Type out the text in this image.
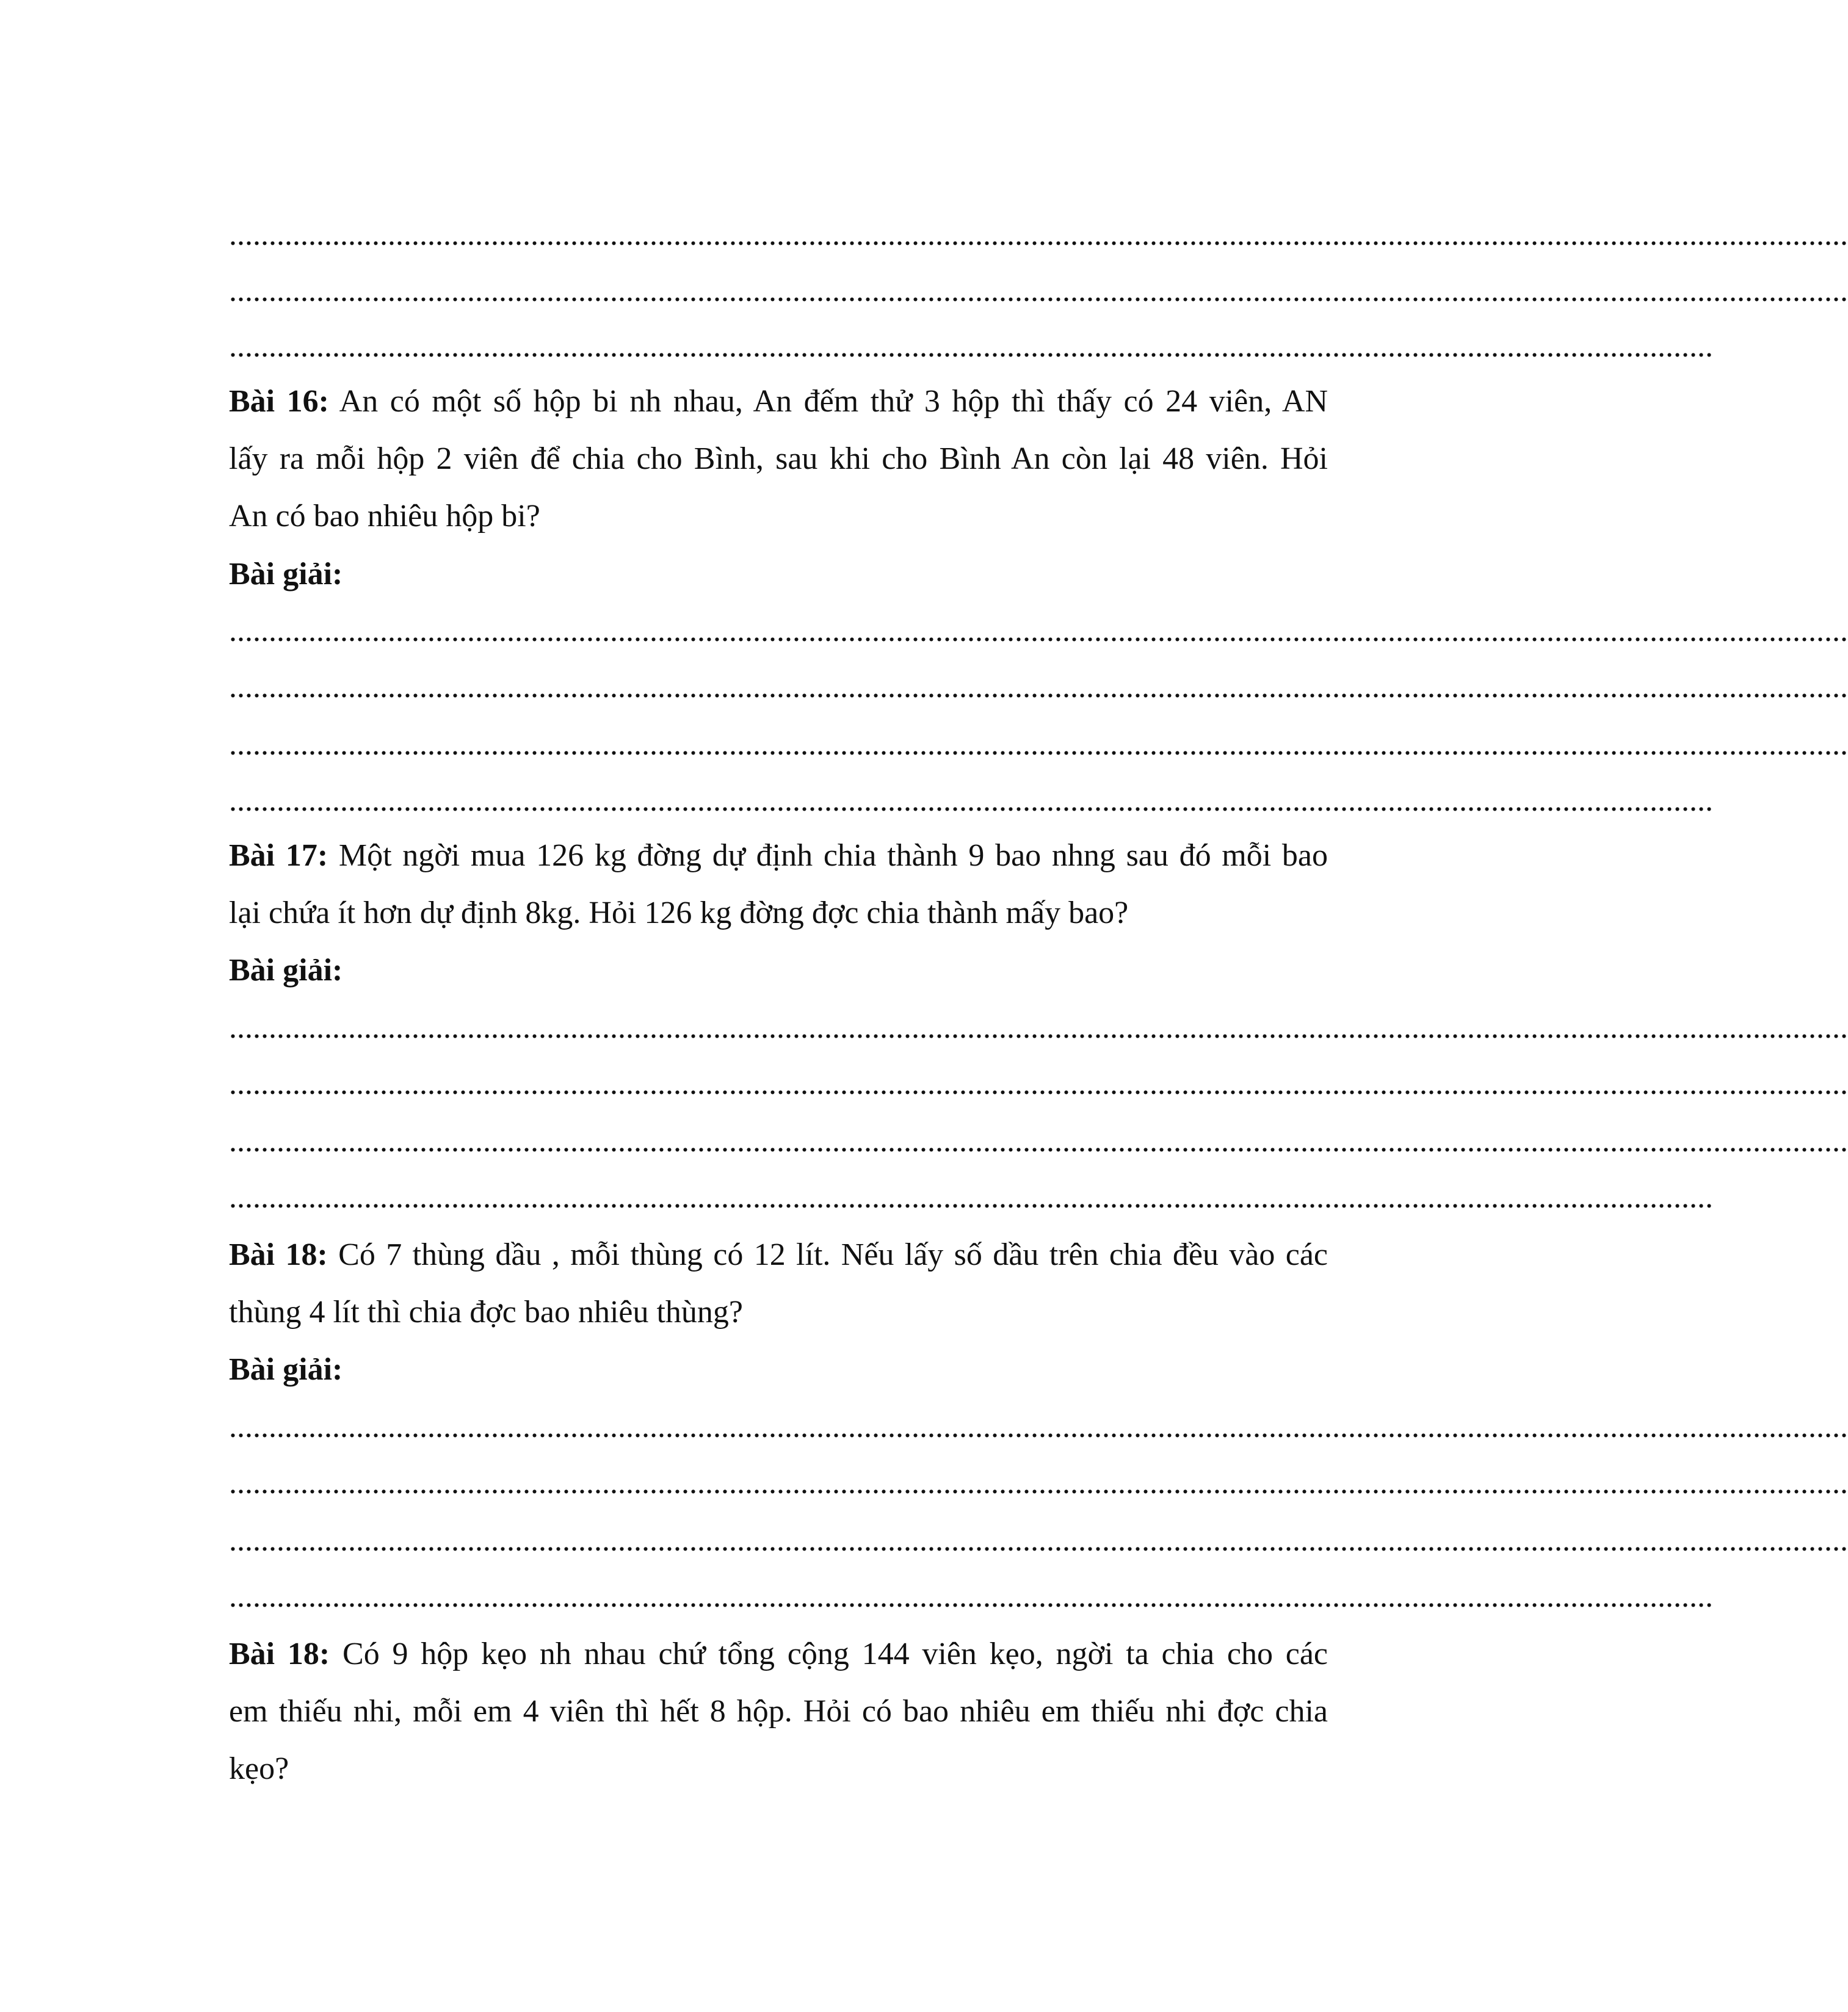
............................................................................................................................................................................................................
............................................................................................................................................................................................................
...........................................................................................................................................................................................
Bài 16: An có một số hộp bi nh nhau, An đếm thử 3 hộp thì thấy có 24 viên, AN
lấy ra mỗi hộp 2 viên để chia cho Bình, sau khi cho Bình An còn lại 48 viên. Hỏi
An có bao nhiêu hộp bi?
Bài giải:
............................................................................................................................................................................................................
............................................................................................................................................................................................................
............................................................................................................................................................................................................
...........................................................................................................................................................................................
Bài 17: Một ngời mua 126 kg đờng dự định chia thành 9 bao nhng sau đó mỗi bao
lại chứa ít hơn dự định 8kg. Hỏi 126 kg đờng đợc chia thành mấy bao?
Bài giải:
............................................................................................................................................................................................................
............................................................................................................................................................................................................
............................................................................................................................................................................................................
...........................................................................................................................................................................................
Bài 18: Có 7 thùng dầu , mỗi thùng có 12 lít. Nếu lấy số dầu trên chia đều vào các
thùng 4 lít thì chia đợc bao nhiêu thùng?
Bài giải:
............................................................................................................................................................................................................
............................................................................................................................................................................................................
............................................................................................................................................................................................................
...........................................................................................................................................................................................
Bài 18: Có 9 hộp kẹo nh nhau chứ tổng cộng 144 viên kẹo, ngời ta chia cho các
em thiếu nhi, mỗi em 4 viên thì hết 8 hộp. Hỏi có bao nhiêu em thiếu nhi đợc chia
kẹo?
